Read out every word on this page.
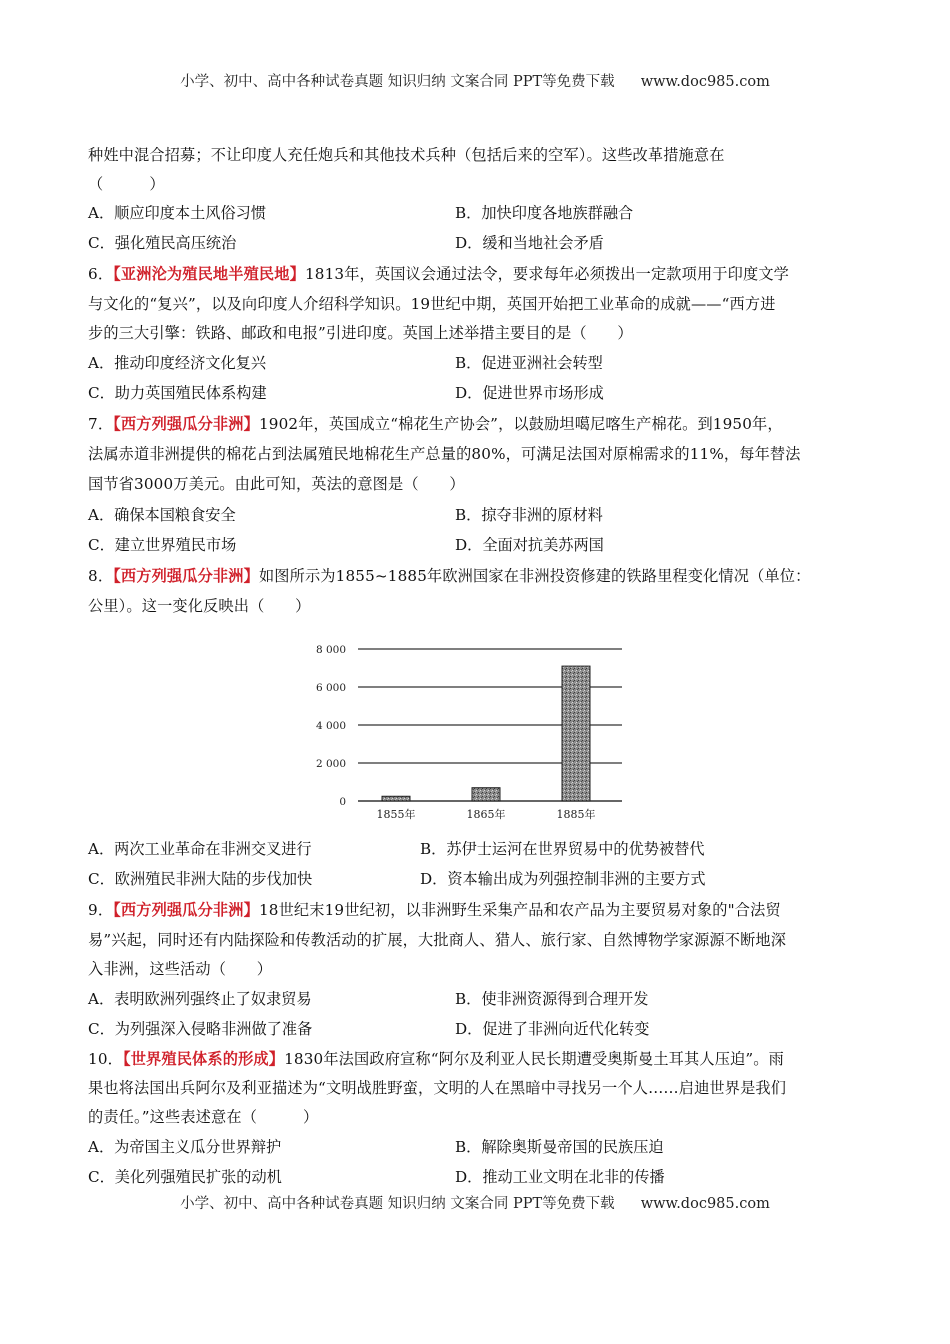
小学、初中、高中各种试卷真题 知识归纳 文案合同 PPT等免费下载 www.doc985.com
种姓中混合招募；不让印度人充任炮兵和其他技术兵种（包括后来的空军）。这些改革措施意在
（　　　）
A．顺应印度本土风俗习惯	B．加快印度各地族群融合
C．强化殖民高压统治	D．缓和当地社会矛盾
6．【亚洲沦为殖民地半殖民地】1813年，英国议会通过法令，要求每年必须拨出一定款项用于印度文学
与文化的“复兴”，以及向印度人介绍科学知识。19世纪中期，英国开始把工业革命的成就——“西方进
步的三大引擎：铁路、邮政和电报”引进印度。英国上述举措主要目的是（　　）
A．推动印度经济文化复兴	B．促进亚洲社会转型
C．助力英国殖民体系构建	D．促进世界市场形成
7．【西方列强瓜分非洲】1902年，英国成立“棉花生产协会”，以鼓励坦噶尼喀生产棉花。到1950年，
法属赤道非洲提供的棉花占到法属殖民地棉花生产总量的80%，可满足法国对原棉需求的11%，每年替法
国节省3000万美元。由此可知，英法的意图是（　　）
A．确保本国粮食安全	B．掠夺非洲的原材料
C．建立世界殖民市场	D．全面对抗美苏两国
8．【西方列强瓜分非洲】如图所示为1855~1885年欧洲国家在非洲投资修建的铁路里程变化情况（单位：
公里）。这一变化反映出（　　）
0
2 000
4 000
6 000
8 000
1855年	1865年	1885年
A．两次工业革命在非洲交叉进行	B．苏伊士运河在世界贸易中的优势被替代
C．欧洲殖民非洲大陆的步伐加快	D．资本输出成为列强控制非洲的主要方式
9．【西方列强瓜分非洲】18世纪末19世纪初，以非洲野生采集产品和农产品为主要贸易对象的"合法贸
易”兴起，同时还有内陆探险和传教活动的扩展，大批商人、猎人、旅行家、自然博物学家源源不断地深
入非洲，这些活动（　　）
A．表明欧洲列强终止了奴隶贸易	B．使非洲资源得到合理开发
C．为列强深入侵略非洲做了准备	D．促进了非洲向近代化转变
10．【世界殖民体系的形成】1830年法国政府宣称“阿尔及利亚人民长期遭受奥斯曼土耳其人压迫”。雨
果也将法国出兵阿尔及利亚描述为“文明战胜野蛮，文明的人在黑暗中寻找另一个人……启迪世界是我们
的责任。”这些表述意在（　　　）
A．为帝国主义瓜分世界辩护	B．解除奥斯曼帝国的民族压迫
C．美化列强殖民扩张的动机	D．推动工业文明在北非的传播
小学、初中、高中各种试卷真题 知识归纳 文案合同 PPT等免费下载 www.doc985.com
